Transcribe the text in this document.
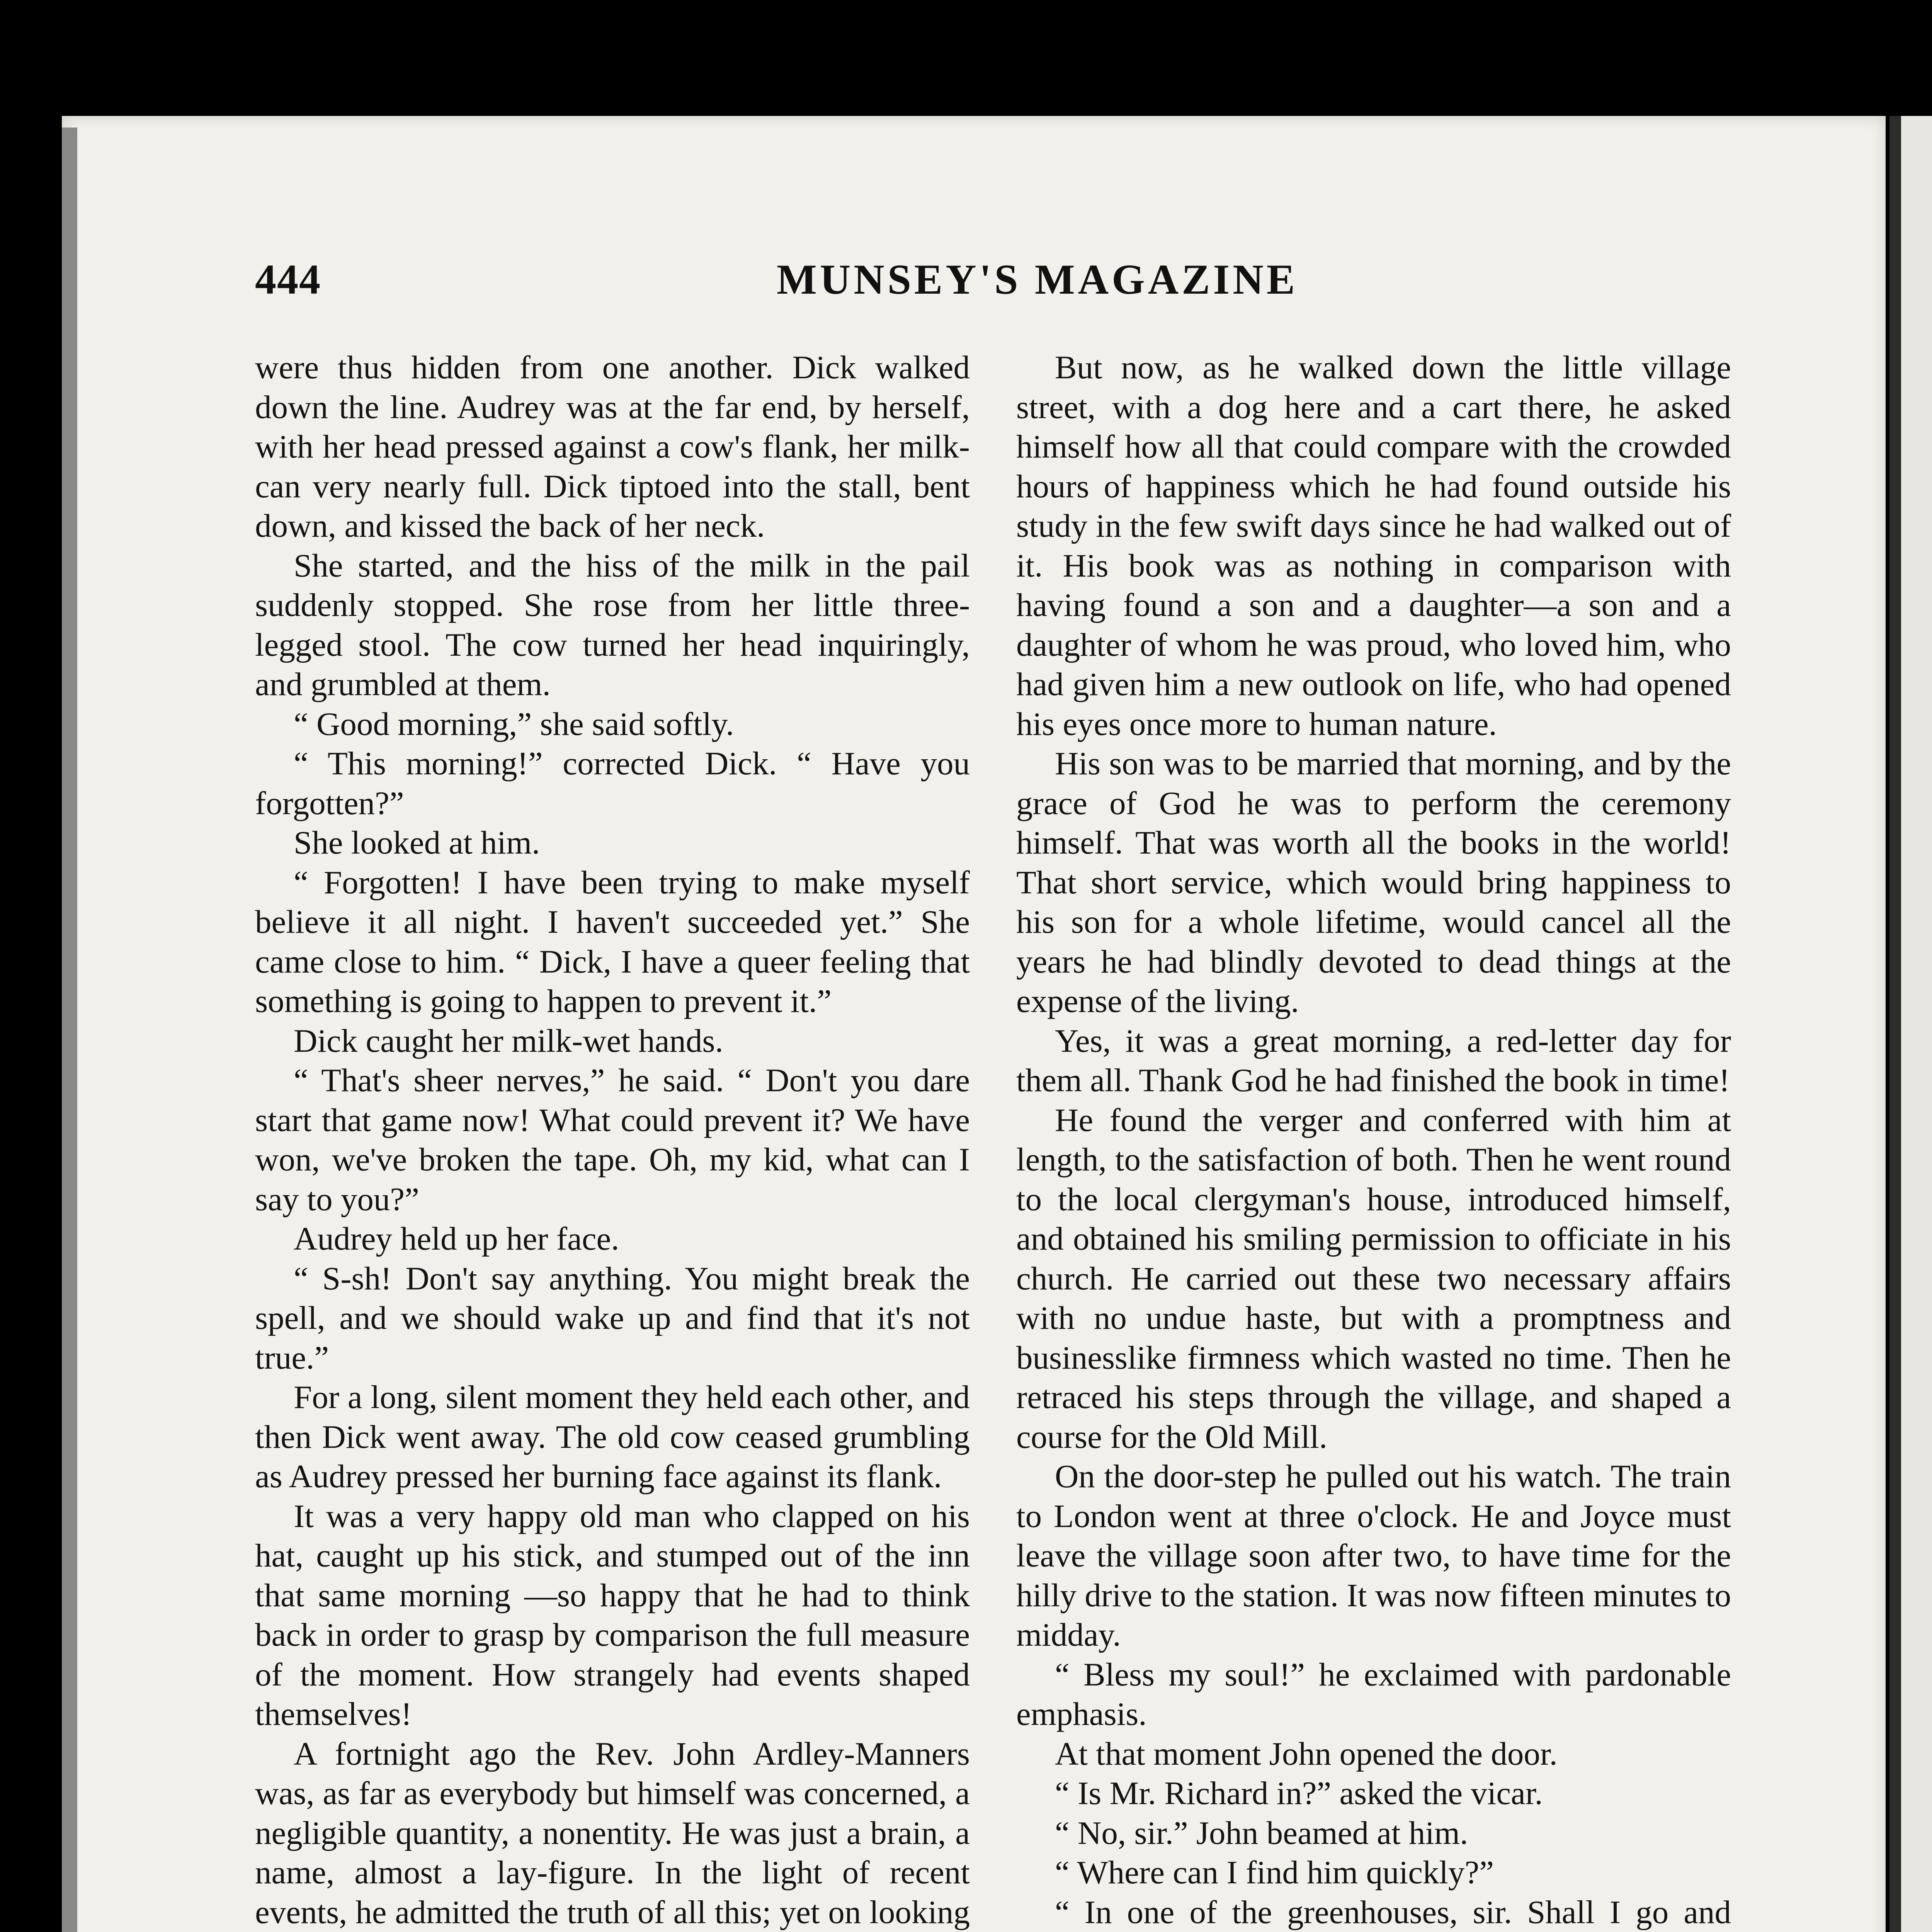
444	MUNSEY'S MAGAZINE

were thus hidden from one another. Dick walked down the line. Audrey was at the far end, by herself, with her head pressed against a cow's flank, her milk-can very nearly full. Dick tiptoed into the stall, bent down, and kissed the back of her neck.

She started, and the hiss of the milk in the pail suddenly stopped. She rose from her little three-legged stool. The cow turned her head inquiringly, and grumbled at them.

“ Good morning,” she said softly.

“ This morning!” corrected Dick. “ Have you forgotten?”

She looked at him.

“ Forgotten! I have been trying to make myself believe it all night. I haven't succeeded yet.” She came close to him. “ Dick, I have a queer feeling that something is going to happen to prevent it.”

Dick caught her milk-wet hands.

“ That's sheer nerves,” he said. “ Don't you dare start that game now! What could prevent it? We have won, we've broken the tape. Oh, my kid, what can I say to you?”

Audrey held up her face.

“ S-sh! Don't say anything. You might break the spell, and we should wake up and find that it's not true.”

For a long, silent moment they held each other, and then Dick went away. The old cow ceased grumbling as Audrey pressed her burning face against its flank.

It was a very happy old man who clapped on his hat, caught up his stick, and stumped out of the inn that same morning —so happy that he had to think back in order to grasp by comparison the full measure of the moment. How strangely had events shaped themselves!

A fortnight ago the Rev. John Ardley-Manners was, as far as everybody but himself was concerned, a negligible quantity, a nonentity. He was just a brain, a name, almost a lay-figure. In the light of recent events, he admitted the truth of all this; yet on looking

But now, as he walked down the little village street, with a dog here and a cart there, he asked himself how all that could compare with the crowded hours of happiness which he had found outside his study in the few swift days since he had walked out of it. His book was as nothing in comparison with having found a son and a daughter—a son and a daughter of whom he was proud, who loved him, who had given him a new outlook on life, who had opened his eyes once more to human nature.

His son was to be married that morning, and by the grace of God he was to perform the ceremony himself. That was worth all the books in the world! That short service, which would bring happiness to his son for a whole lifetime, would cancel all the years he had blindly devoted to dead things at the expense of the living.

Yes, it was a great morning, a red-letter day for them all. Thank God he had finished the book in time!

He found the verger and conferred with him at length, to the satisfaction of both. Then he went round to the local clergyman's house, introduced himself, and obtained his smiling permission to officiate in his church. He carried out these two necessary affairs with no undue haste, but with a promptness and businesslike firmness which wasted no time. Then he retraced his steps through the village, and shaped a course for the Old Mill.

On the door-step he pulled out his watch. The train to London went at three o'clock. He and Joyce must leave the village soon after two, to have time for the hilly drive to the station. It was now fifteen minutes to midday.

“ Bless my soul!” he exclaimed with pardonable emphasis.

At that moment John opened the door.

“ Is Mr. Richard in?” asked the vicar.

“ No, sir.” John beamed at him.

“ Where can I find him quickly?”

“ In one of the greenhouses, sir. Shall I go and
